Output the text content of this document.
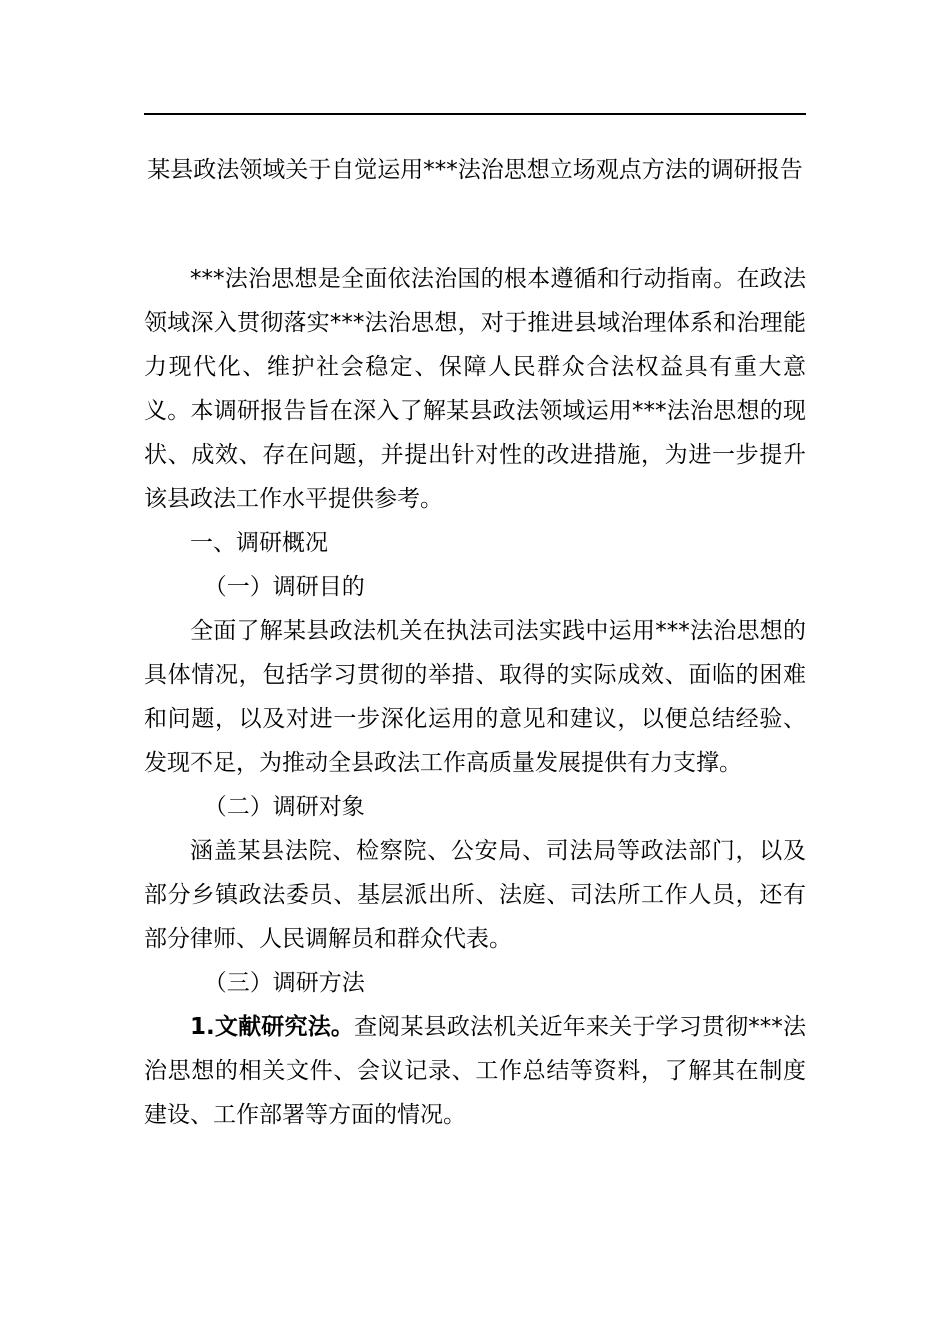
某县政法领域关于自觉运用***法治思想立场观点方法的调研报告

***法治思想是全面依法治国的根本遵循和行动指南。在政法领域深入贯彻落实***法治思想，对于推进县域治理体系和治理能力现代化、维护社会稳定、保障人民群众合法权益具有重大意义。本调研报告旨在深入了解某县政法领域运用***法治思想的现状、成效、存在问题，并提出针对性的改进措施，为进一步提升该县政法工作水平提供参考。

一、调研概况

（一）调研目的

全面了解某县政法机关在执法司法实践中运用***法治思想的具体情况，包括学习贯彻的举措、取得的实际成效、面临的困难和问题，以及对进一步深化运用的意见和建议，以便总结经验、发现不足，为推动全县政法工作高质量发展提供有力支撑。

（二）调研对象

涵盖某县法院、检察院、公安局、司法局等政法部门，以及部分乡镇政法委员、基层派出所、法庭、司法所工作人员，还有部分律师、人民调解员和群众代表。

（三）调研方法

1.文献研究法。查阅某县政法机关近年来关于学习贯彻***法治思想的相关文件、会议记录、工作总结等资料，了解其在制度建设、工作部署等方面的情况。
